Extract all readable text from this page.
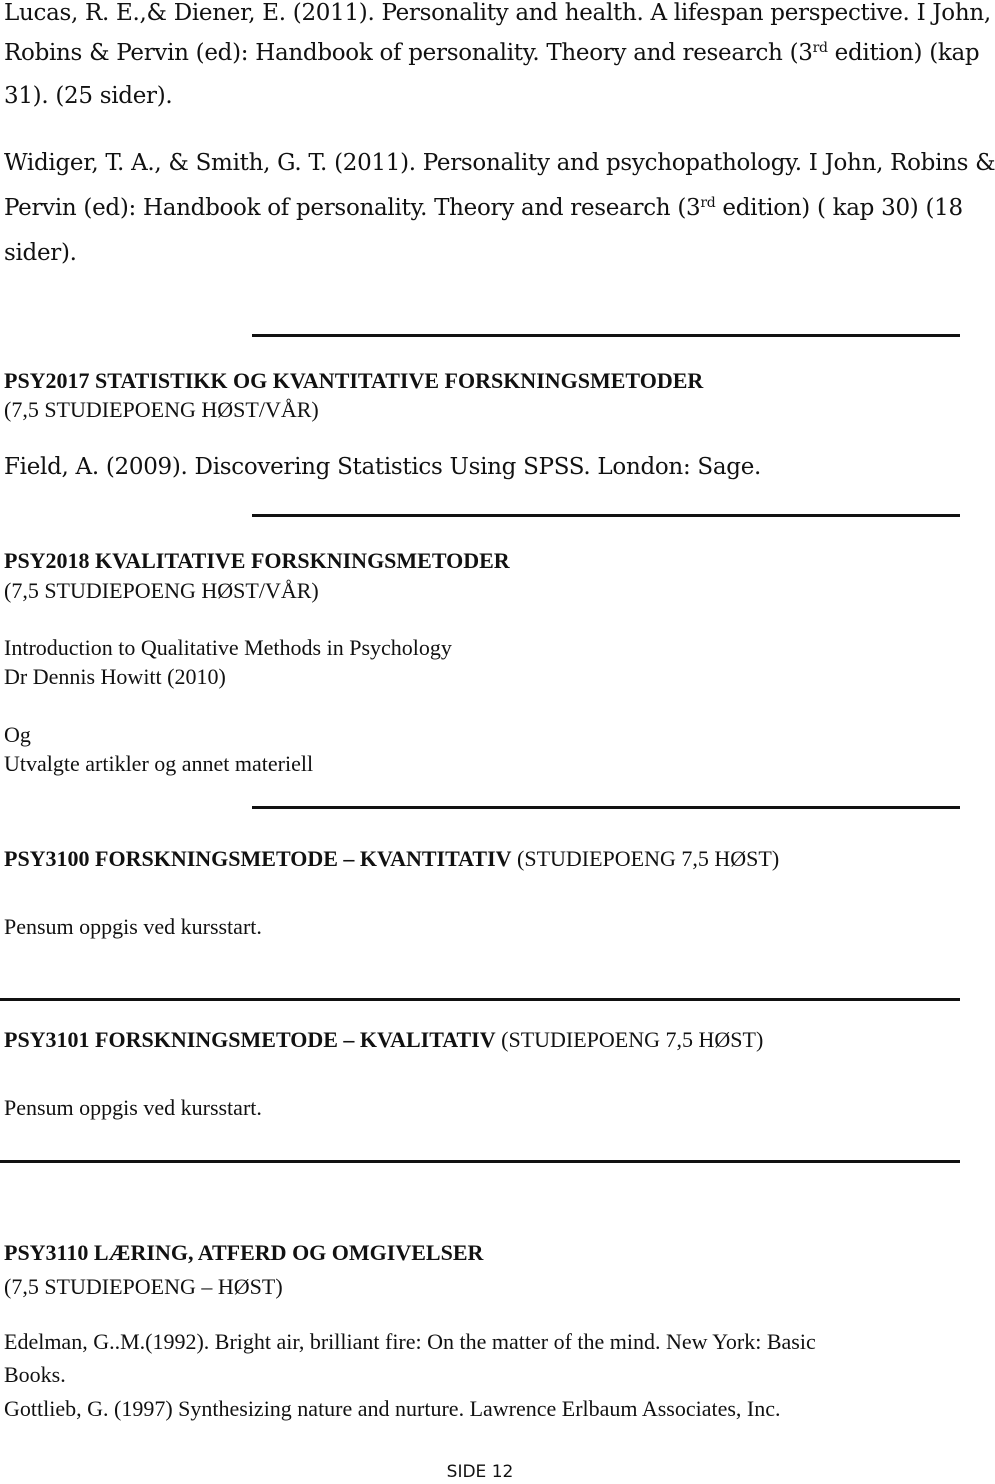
Lucas, R. E.,& Diener, E. (2011). Personality and health. A lifespan perspective. I John,
Robins & Pervin (ed): Handbook of personality. Theory and research (3rd edition) (kap
31). (25 sider).
Widiger, T. A., & Smith, G. T. (2011). Personality and psychopathology. I John, Robins &
Pervin (ed): Handbook of personality. Theory and research (3rd edition) ( kap 30) (18
sider).
PSY2017 STATISTIKK OG KVANTITATIVE FORSKNINGSMETODER
(7,5 STUDIEPOENG HØST/VÅR)
Field, A. (2009). Discovering Statistics Using SPSS. London: Sage.
PSY2018 KVALITATIVE FORSKNINGSMETODER
(7,5 STUDIEPOENG HØST/VÅR)
Introduction to Qualitative Methods in Psychology
Dr Dennis Howitt (2010)
Og
Utvalgte artikler og annet materiell
PSY3100 FORSKNINGSMETODE – KVANTITATIV (STUDIEPOENG 7,5 HØST)
Pensum oppgis ved kursstart.
PSY3101 FORSKNINGSMETODE – KVALITATIV (STUDIEPOENG 7,5 HØST)
Pensum oppgis ved kursstart.
PSY3110 LÆRING, ATFERD OG OMGIVELSER
(7,5 STUDIEPOENG – HØST)
Edelman, G..M.(1992). Bright air, brilliant fire: On the matter of the mind. New York: Basic
Books.
Gottlieb, G. (1997) Synthesizing nature and nurture. Lawrence Erlbaum Associates, Inc.
SIDE 12
